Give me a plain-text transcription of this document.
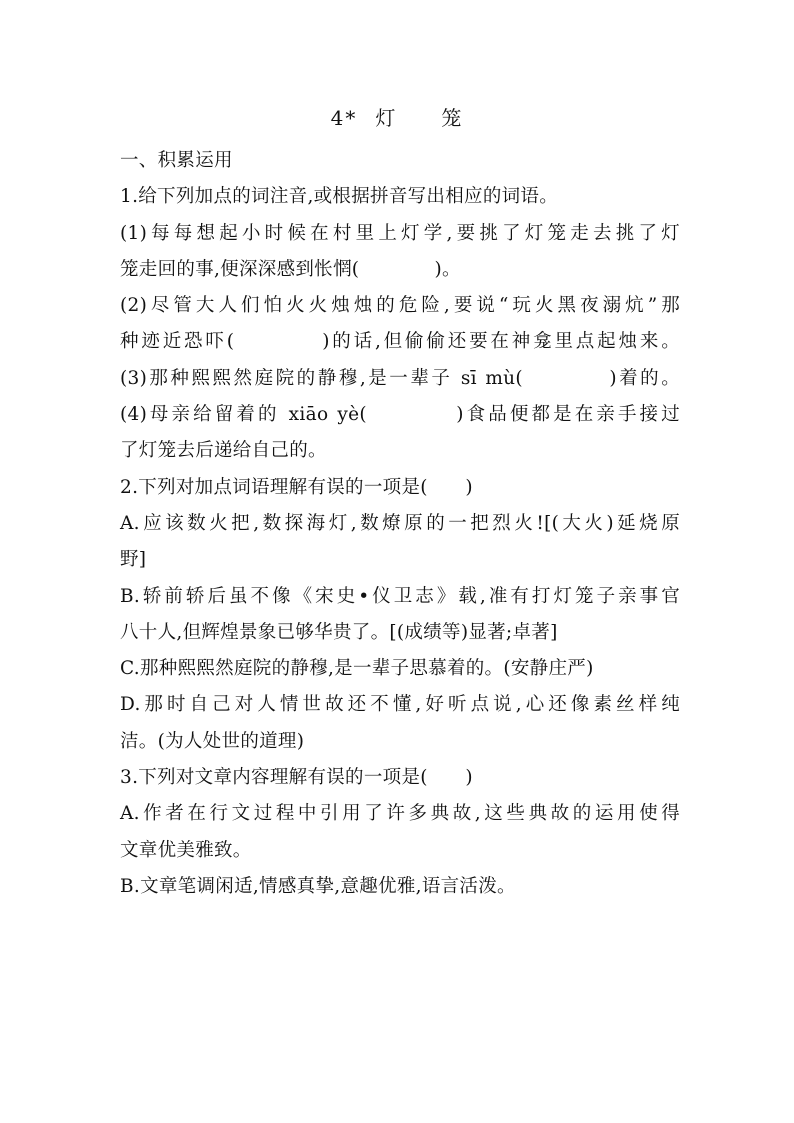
4* 灯 笼
一、积累运用
1.给下列加点的词注音,或根据拼音写出相应的词语。
(1)每每想起小时候在村里上灯学,要挑了灯笼走去挑了灯
笼走回的事,便深深感到怅惘(　　　　)。
(2)尽管大人们怕火火烛烛的危险,要说“玩火黑夜溺炕”那
种迹近恐吓(　　　　)的话,但偷偷还要在神龛里点起烛来。
(3)那种熙熙然庭院的静穆,是一辈子 sī mù(　　　　)着的。
(4)母亲给留着的 xiāo yè(　　　　)食品便都是在亲手接过
了灯笼去后递给自己的。
2.下列对加点词语理解有误的一项是(　　)
A.应该数火把,数探海灯,数燎原的一把烈火![(大火)延烧原
野]
B.轿前轿后虽不像《宋史•仪卫志》载,准有打灯笼子亲事官
八十人,但辉煌景象已够华贵了。[(成绩等)显著;卓著]
C.那种熙熙然庭院的静穆,是一辈子思慕着的。(安静庄严)
D.那时自己对人情世故还不懂,好听点说,心还像素丝样纯
洁。(为人处世的道理)
3.下列对文章内容理解有误的一项是(　　)
A.作者在行文过程中引用了许多典故,这些典故的运用使得
文章优美雅致。
B.文章笔调闲适,情感真挚,意趣优雅,语言活泼。
